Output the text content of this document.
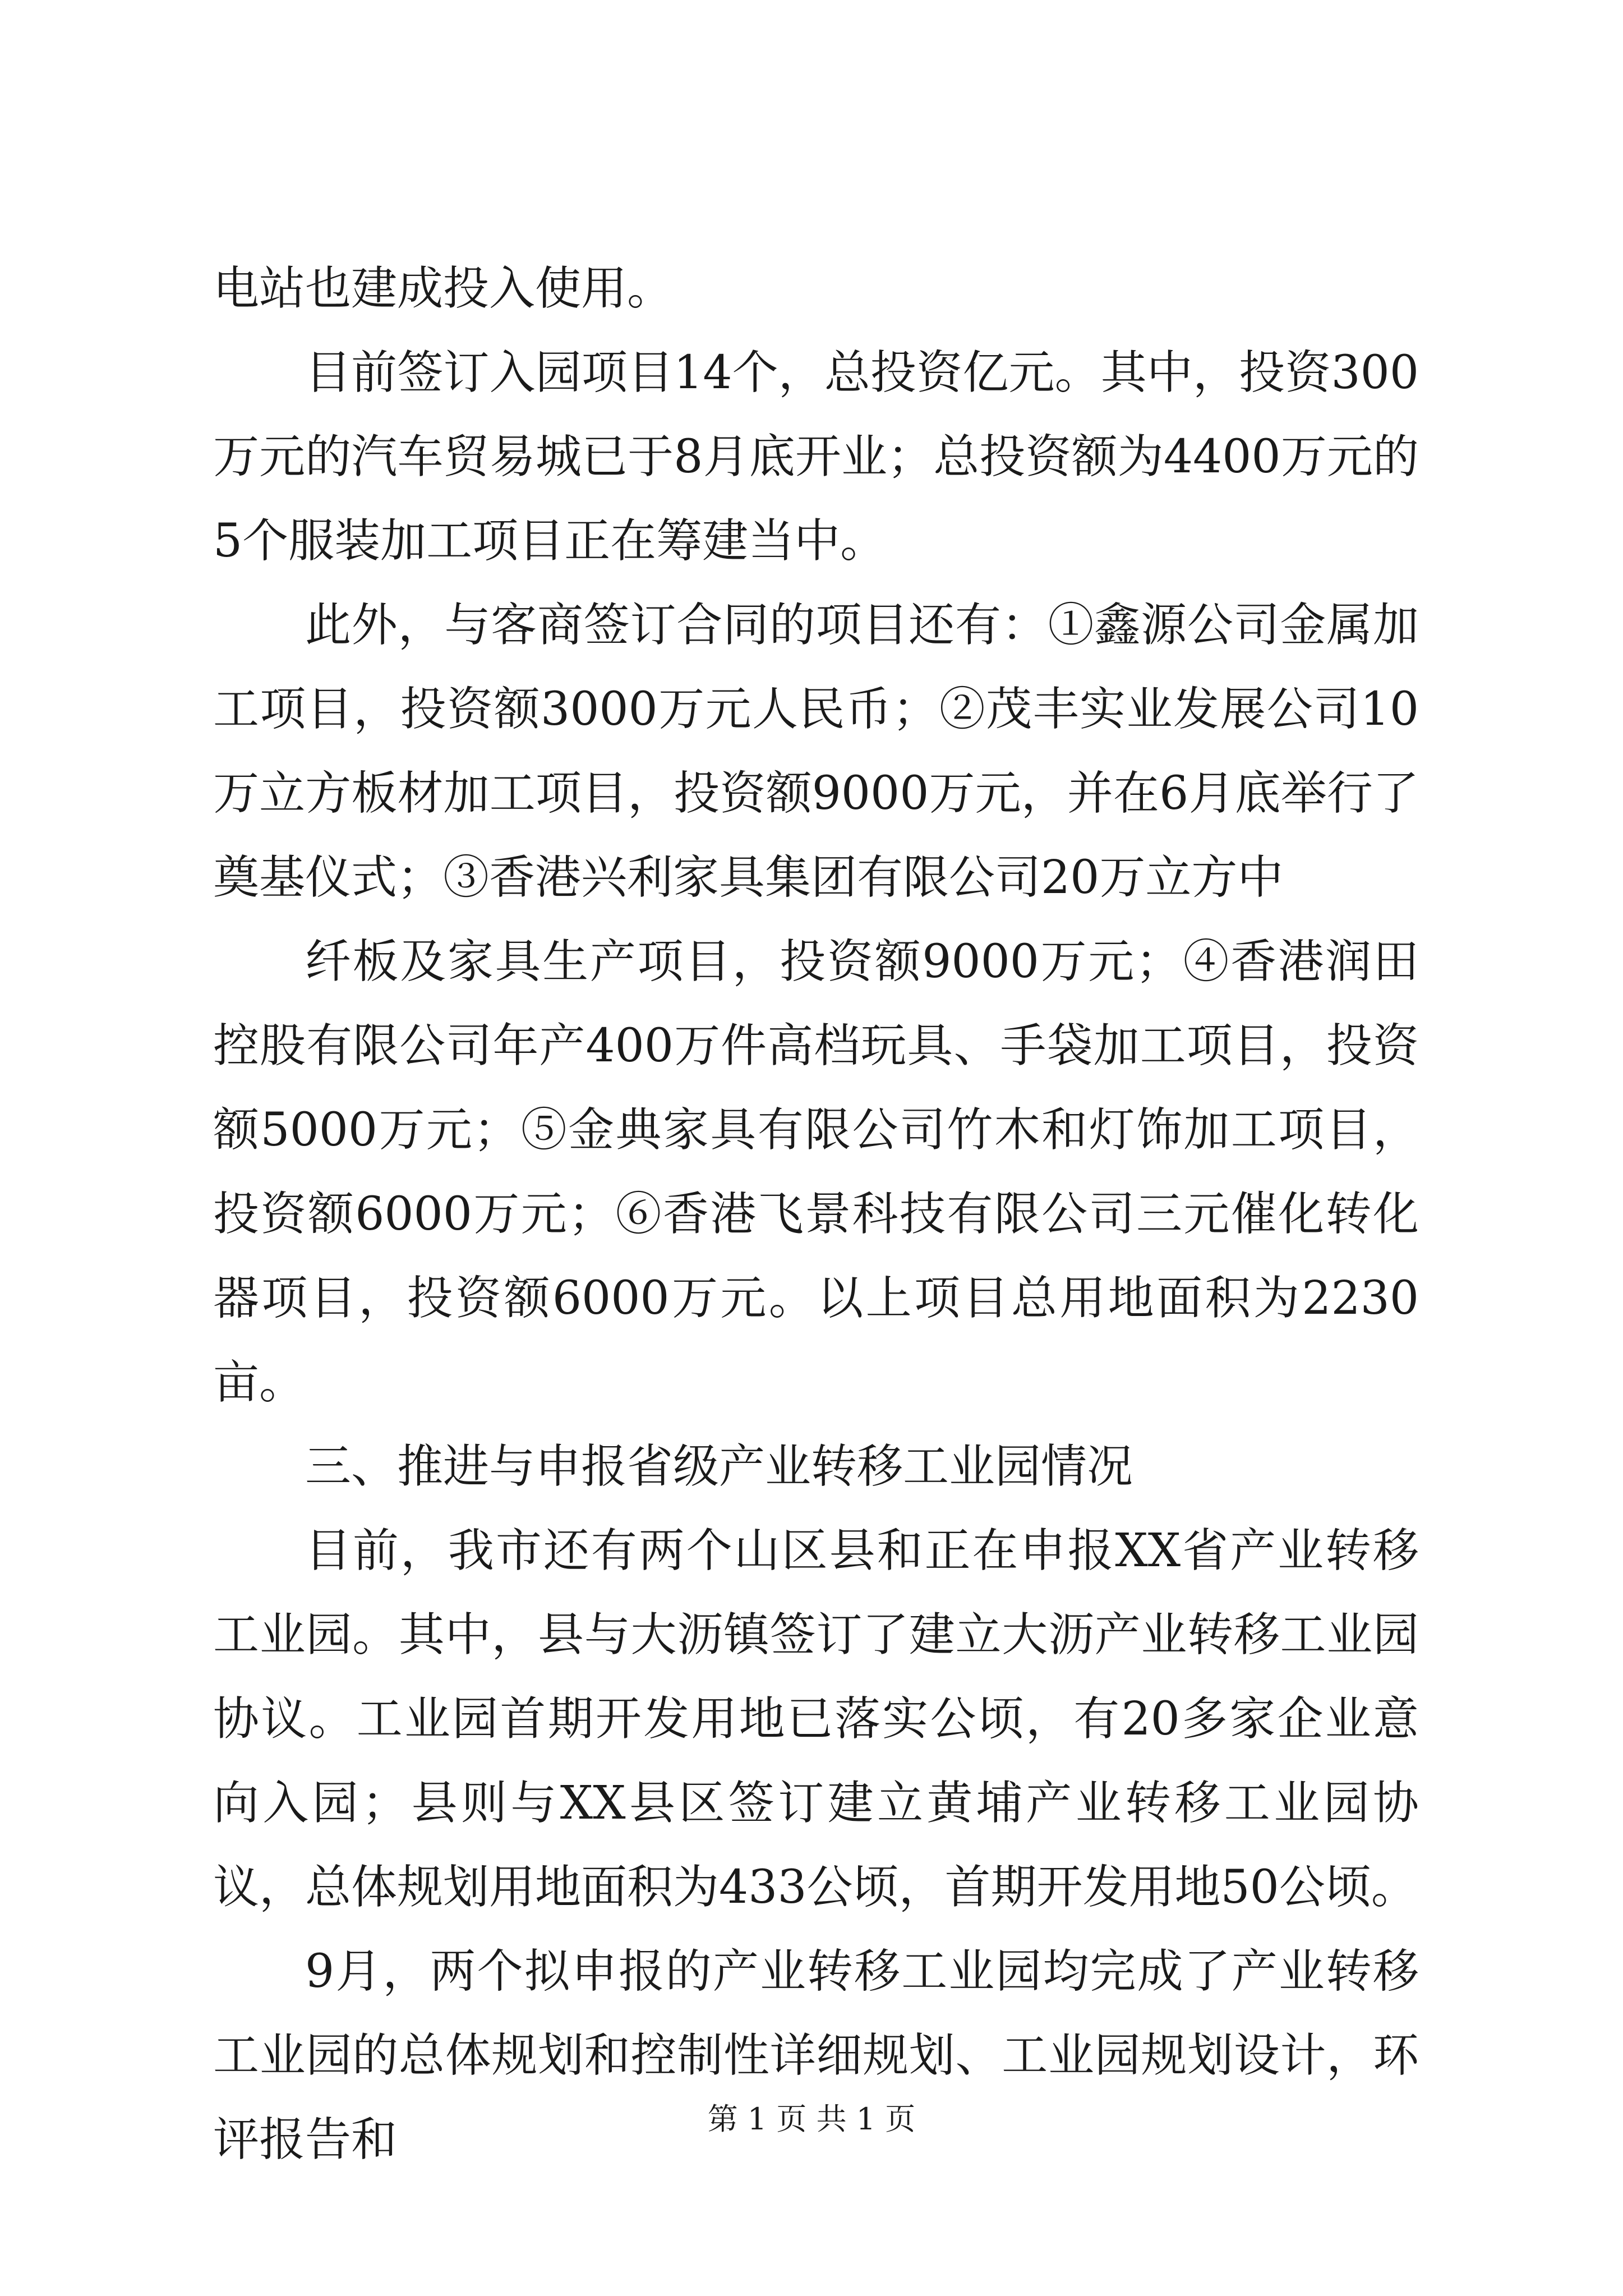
电站也建成投入使用。

目前签订入园项目14个，总投资亿元。其中，投资300万元的汽车贸易城已于8月底开业；总投资额为4400万元的5个服装加工项目正在筹建当中。

此外，与客商签订合同的项目还有：①鑫源公司金属加工项目，投资额3000万元人民币；②茂丰实业发展公司10万立方板材加工项目，投资额9000万元，并在6月底举行了奠基仪式；③香港兴利家具集团有限公司20万立方中

纤板及家具生产项目，投资额9000万元；④香港润田控股有限公司年产400万件高档玩具、手袋加工项目，投资额5000万元；⑤金典家具有限公司竹木和灯饰加工项目，投资额6000万元；⑥香港飞景科技有限公司三元催化转化器项目，投资额6000万元。以上项目总用地面积为2230亩。

三、推进与申报省级产业转移工业园情况

目前，我市还有两个山区县和正在申报XX省产业转移工业园。其中，县与大沥镇签订了建立大沥产业转移工业园协议。工业园首期开发用地已落实公顷，有20多家企业意向入园；县则与XX县区签订建立黄埔产业转移工业园协议，总体规划用地面积为433公顷，首期开发用地50公顷。

9月，两个拟申报的产业转移工业园均完成了产业转移工业园的总体规划和控制性详细规划、工业园规划设计，环评报告和	第 1 页 共 1 页
